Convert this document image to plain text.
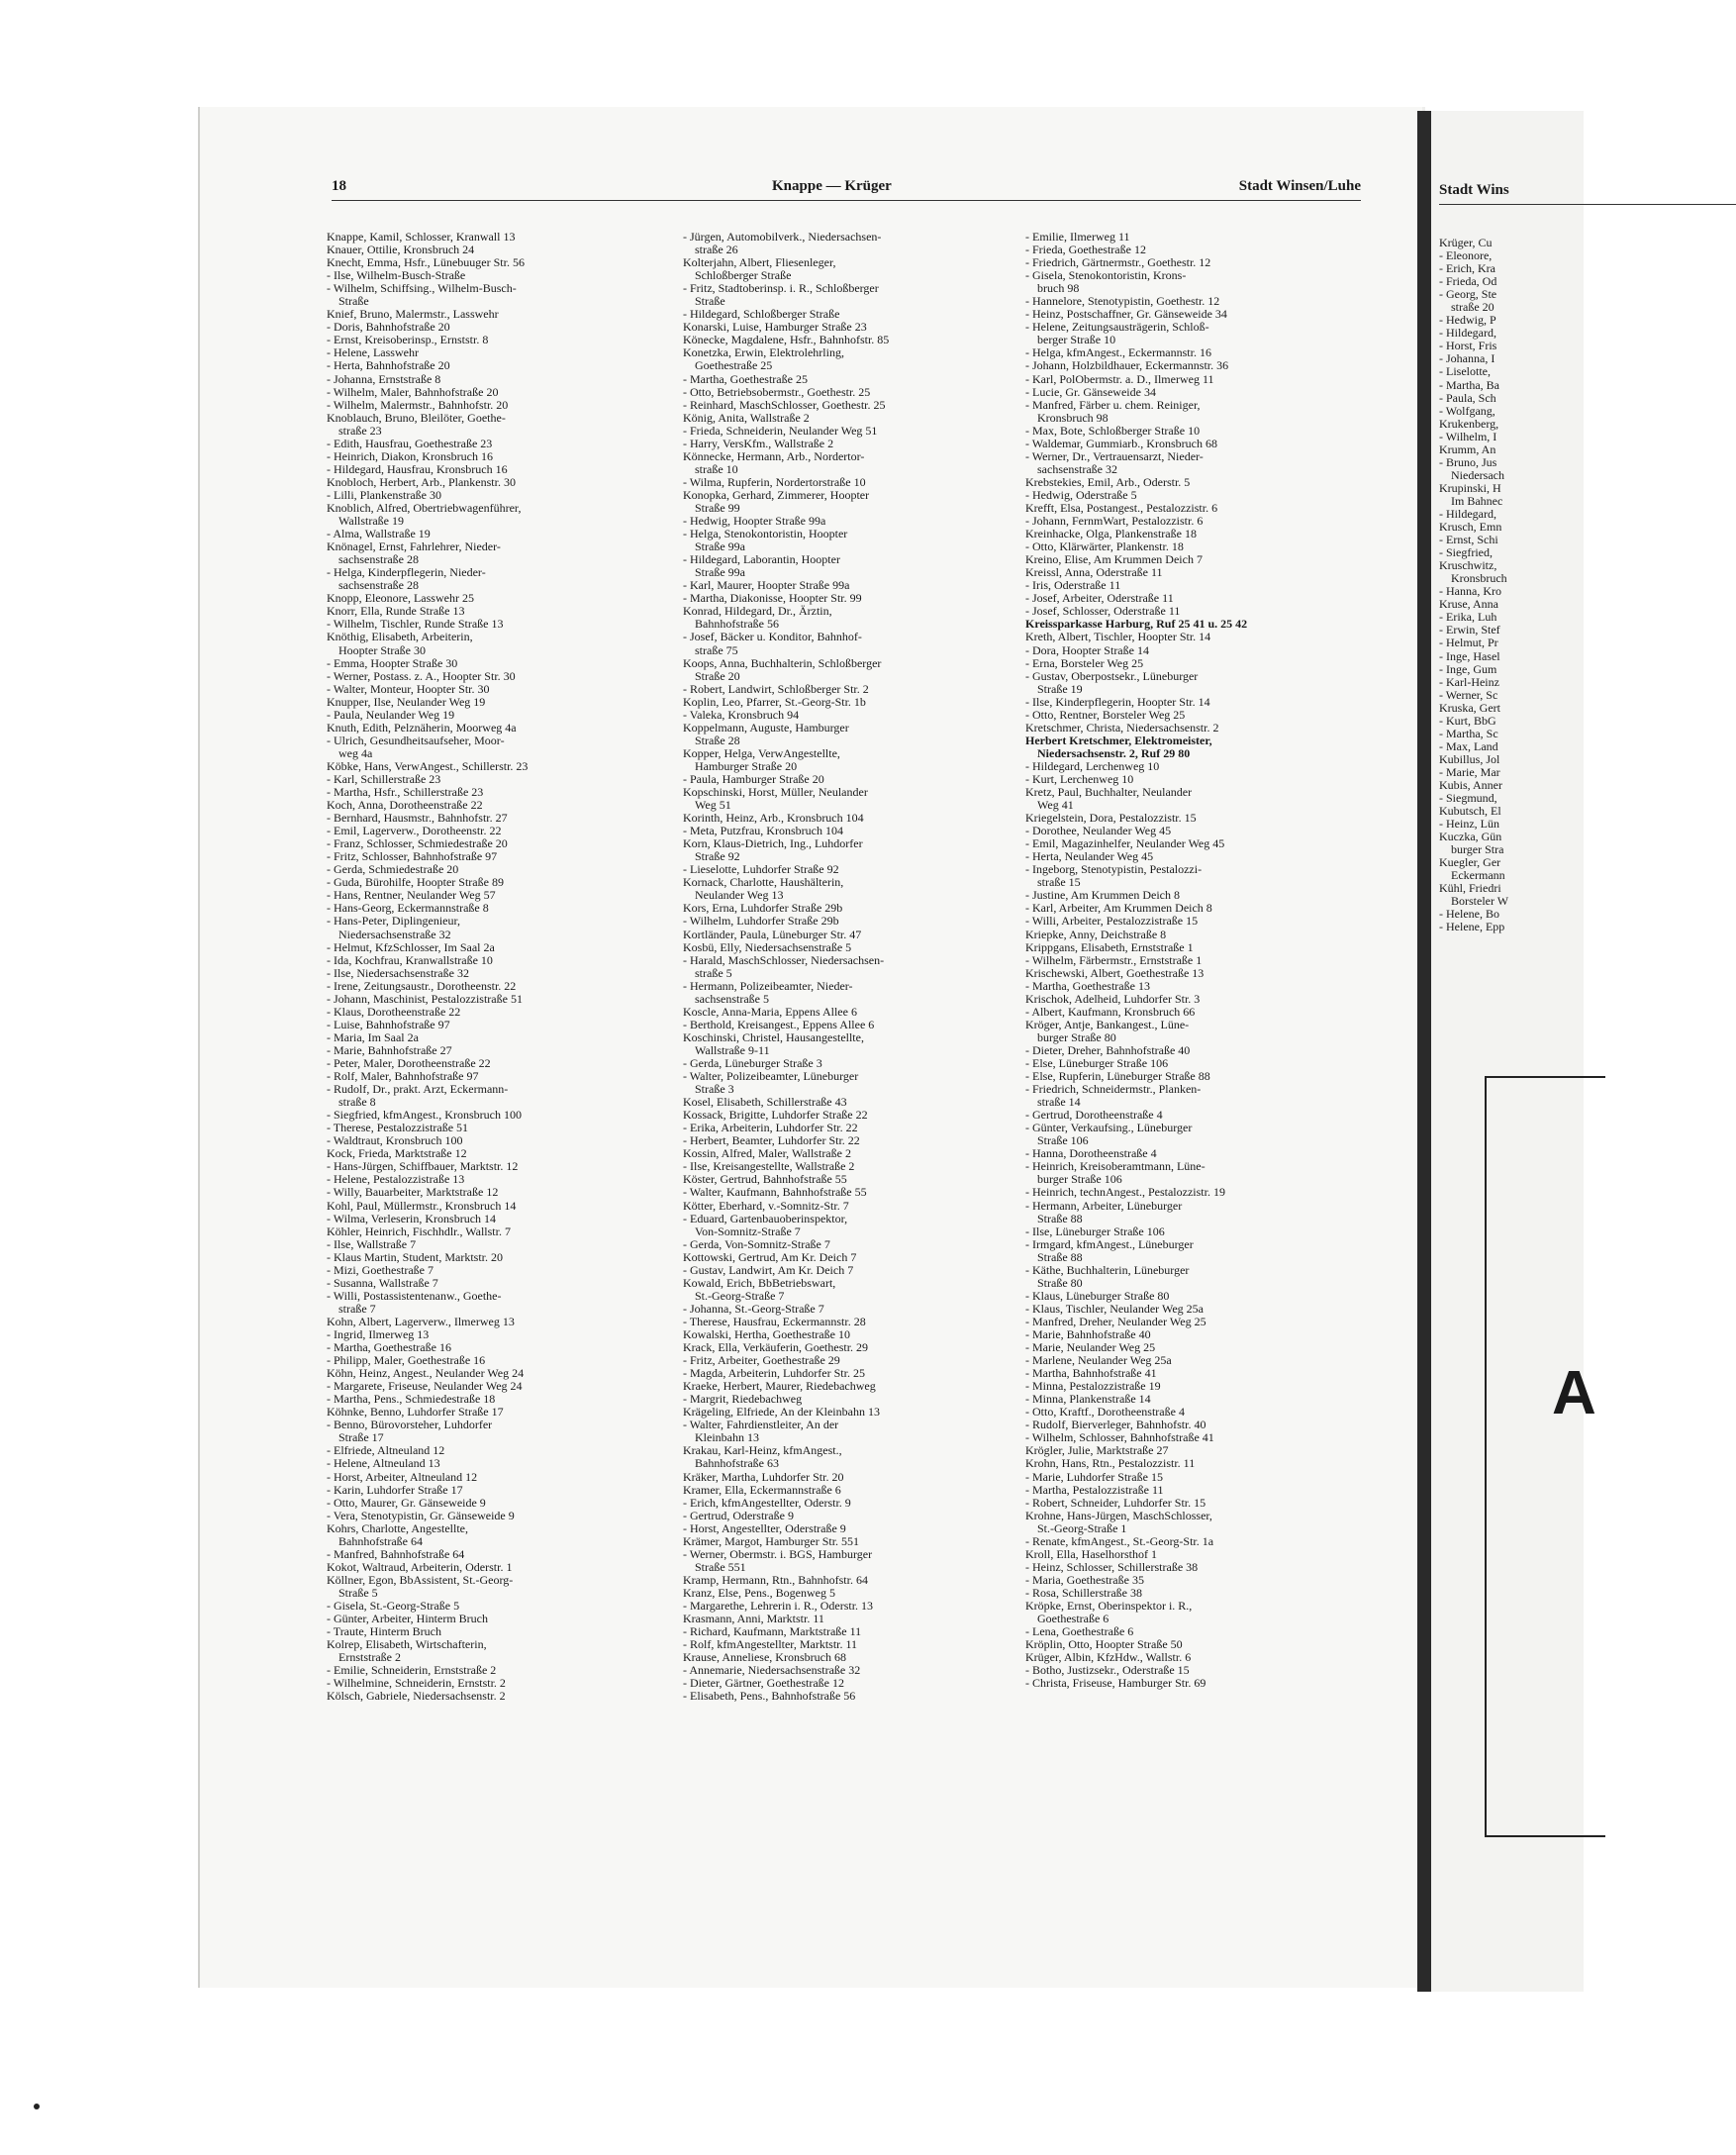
18	Knappe — Krüger	Stadt Winsen/Luhe
Knappe, Kamil, Schlosser, Kranwall 13
Knauer, Ottilie, Kronsbruch 24
Knecht, Emma, Hsfr., Lünebuuger Str. 56
- Ilse, Wilhelm-Busch-Straße
- Wilhelm, Schiffsing., Wilhelm-Busch-
Straße
Knief, Bruno, Malermstr., Lasswehr
- Doris, Bahnhofstraße 20
- Ernst, Kreisoberinsp., Ernststr. 8
- Helene, Lasswehr
- Herta, Bahnhofstraße 20
- Johanna, Ernststraße 8
- Wilhelm, Maler, Bahnhofstraße 20
- Wilhelm, Malermstr., Bahnhofstr. 20
Knoblauch, Bruno, Bleilöter, Goethe-
straße 23
- Edith, Hausfrau, Goethestraße 23
- Heinrich, Diakon, Kronsbruch 16
- Hildegard, Hausfrau, Kronsbruch 16
Knobloch, Herbert, Arb., Plankenstr. 30
- Lilli, Plankenstraße 30
Knoblich, Alfred, Obertriebwagenführer,
Wallstraße 19
- Alma, Wallstraße 19
Knönagel, Ernst, Fahrlehrer, Nieder-
sachsenstraße 28
- Helga, Kinderpflegerin, Nieder-
sachsenstraße 28
Knopp, Eleonore, Lasswehr 25
Knorr, Ella, Runde Straße 13
- Wilhelm, Tischler, Runde Straße 13
Knöthig, Elisabeth, Arbeiterin,
Hoopter Straße 30
- Emma, Hoopter Straße 30
- Werner, Postass. z. A., Hoopter Str. 30
- Walter, Monteur, Hoopter Str. 30
Knupper, Ilse, Neulander Weg 19
- Paula, Neulander Weg 19
Knuth, Edith, Pelznäherin, Moorweg 4a
- Ulrich, Gesundheitsaufseher, Moor-
weg 4a
Köbke, Hans, VerwAngest., Schillerstr. 23
- Karl, Schillerstraße 23
- Martha, Hsfr., Schillerstraße 23
Koch, Anna, Dorotheenstraße 22
- Bernhard, Hausmstr., Bahnhofstr. 27
- Emil, Lagerverw., Dorotheenstr. 22
- Franz, Schlosser, Schmiedestraße 20
- Fritz, Schlosser, Bahnhofstraße 97
- Gerda, Schmiedestraße 20
- Guda, Bürohilfe, Hoopter Straße 89
- Hans, Rentner, Neulander Weg 57
- Hans-Georg, Eckermannstraße 8
- Hans-Peter, Diplingenieur,
Niedersachsenstraße 32
- Helmut, KfzSchlosser, Im Saal 2a
- Ida, Kochfrau, Kranwallstraße 10
- Ilse, Niedersachsenstraße 32
- Irene, Zeitungsaustr., Dorotheenstr. 22
- Johann, Maschinist, Pestalozzistraße 51
- Klaus, Dorotheenstraße 22
- Luise, Bahnhofstraße 97
- Maria, Im Saal 2a
- Marie, Bahnhofstraße 27
- Peter, Maler, Dorotheenstraße 22
- Rolf, Maler, Bahnhofstraße 97
- Rudolf, Dr., prakt. Arzt, Eckermann-
straße 8
- Siegfried, kfmAngest., Kronsbruch 100
- Therese, Pestalozzistraße 51
- Waldtraut, Kronsbruch 100
Kock, Frieda, Marktstraße 12
- Hans-Jürgen, Schiffbauer, Marktstr. 12
- Helene, Pestalozzistraße 13
- Willy, Bauarbeiter, Marktstraße 12
Kohl, Paul, Müllermstr., Kronsbruch 14
- Wilma, Verleserin, Kronsbruch 14
Köhler, Heinrich, Fischhdlr., Wallstr. 7
- Ilse, Wallstraße 7
- Klaus Martin, Student, Marktstr. 20
- Mizi, Goethestraße 7
- Susanna, Wallstraße 7
- Willi, Postassistentenanw., Goethe-
straße 7
Kohn, Albert, Lagerverw., Ilmerweg 13
- Ingrid, Ilmerweg 13
- Martha, Goethestraße 16
- Philipp, Maler, Goethestraße 16
Köhn, Heinz, Angest., Neulander Weg 24
- Margarete, Friseuse, Neulander Weg 24
- Martha, Pens., Schmiedestraße 18
Köhnke, Benno, Luhdorfer Straße 17
- Benno, Bürovorsteher, Luhdorfer
Straße 17
- Elfriede, Altneuland 12
- Helene, Altneuland 13
- Horst, Arbeiter, Altneuland 12
- Karin, Luhdorfer Straße 17
- Otto, Maurer, Gr. Gänseweide 9
- Vera, Stenotypistin, Gr. Gänseweide 9
Kohrs, Charlotte, Angestellte,
Bahnhofstraße 64
- Manfred, Bahnhofstraße 64
Kokot, Waltraud, Arbeiterin, Oderstr. 1
Köllner, Egon, BbAssistent, St.-Georg-
Straße 5
- Gisela, St.-Georg-Straße 5
- Günter, Arbeiter, Hinterm Bruch
- Traute, Hinterm Bruch
Kolrep, Elisabeth, Wirtschafterin,
Ernststraße 2
- Emilie, Schneiderin, Ernststraße 2
- Wilhelmine, Schneiderin, Ernststr. 2
Kölsch, Gabriele, Niedersachsenstr. 2
- Jürgen, Automobilverk., Niedersachsen-
straße 26
Kolterjahn, Albert, Fliesenleger,
Schloßberger Straße
- Fritz, Stadtoberinsp. i. R., Schloßberger
Straße
- Hildegard, Schloßberger Straße
Konarski, Luise, Hamburger Straße 23
Könecke, Magdalene, Hsfr., Bahnhofstr. 85
Konetzka, Erwin, Elektrolehrling,
Goethestraße 25
- Martha, Goethestraße 25
- Otto, Betriebsobermstr., Goethestr. 25
- Reinhard, MaschSchlosser, Goethestr. 25
König, Anita, Wallstraße 2
- Frieda, Schneiderin, Neulander Weg 51
- Harry, VersKfm., Wallstraße 2
Könnecke, Hermann, Arb., Nordertor-
straße 10
- Wilma, Rupferin, Nordertorstraße 10
Konopka, Gerhard, Zimmerer, Hoopter
Straße 99
- Hedwig, Hoopter Straße 99a
- Helga, Stenokontoristin, Hoopter
Straße 99a
- Hildegard, Laborantin, Hoopter
Straße 99a
- Karl, Maurer, Hoopter Straße 99a
- Martha, Diakonisse, Hoopter Str. 99
Konrad, Hildegard, Dr., Ärztin,
Bahnhofstraße 56
- Josef, Bäcker u. Konditor, Bahnhof-
straße 75
Koops, Anna, Buchhalterin, Schloßberger
Straße 20
- Robert, Landwirt, Schloßberger Str. 2
Koplin, Leo, Pfarrer, St.-Georg-Str. 1b
- Valeka, Kronsbruch 94
Koppelmann, Auguste, Hamburger
Straße 28
Kopper, Helga, VerwAngestellte,
Hamburger Straße 20
- Paula, Hamburger Straße 20
Kopschinski, Horst, Müller, Neulander
Weg 51
Korinth, Heinz, Arb., Kronsbruch 104
- Meta, Putzfrau, Kronsbruch 104
Korn, Klaus-Dietrich, Ing., Luhdorfer
Straße 92
- Lieselotte, Luhdorfer Straße 92
Kornack, Charlotte, Haushälterin,
Neulander Weg 13
Kors, Erna, Luhdorfer Straße 29b
- Wilhelm, Luhdorfer Straße 29b
Kortländer, Paula, Lüneburger Str. 47
Kosbü, Elly, Niedersachsenstraße 5
- Harald, MaschSchlosser, Niedersachsen-
straße 5
- Hermann, Polizeibeamter, Nieder-
sachsenstraße 5
Koscle, Anna-Maria, Eppens Allee 6
- Berthold, Kreisangest., Eppens Allee 6
Koschinski, Christel, Hausangestellte,
Wallstraße 9-11
- Gerda, Lüneburger Straße 3
- Walter, Polizeibeamter, Lüneburger
Straße 3
Kosel, Elisabeth, Schillerstraße 43
Kossack, Brigitte, Luhdorfer Straße 22
- Erika, Arbeiterin, Luhdorfer Str. 22
- Herbert, Beamter, Luhdorfer Str. 22
Kossin, Alfred, Maler, Wallstraße 2
- Ilse, Kreisangestellte, Wallstraße 2
Köster, Gertrud, Bahnhofstraße 55
- Walter, Kaufmann, Bahnhofstraße 55
Kötter, Eberhard, v.-Somnitz-Str. 7
- Eduard, Gartenbauoberinspektor,
Von-Somnitz-Straße 7
- Gerda, Von-Somnitz-Straße 7
Kottowski, Gertrud, Am Kr. Deich 7
- Gustav, Landwirt, Am Kr. Deich 7
Kowald, Erich, BbBetriebswart,
St.-Georg-Straße 7
- Johanna, St.-Georg-Straße 7
- Therese, Hausfrau, Eckermannstr. 28
Kowalski, Hertha, Goethestraße 10
Krack, Ella, Verkäuferin, Goethestr. 29
- Fritz, Arbeiter, Goethestraße 29
- Magda, Arbeiterin, Luhdorfer Str. 25
Kraeke, Herbert, Maurer, Riedebachweg
- Margrit, Riedebachweg
Krägeling, Elfriede, An der Kleinbahn 13
- Walter, Fahrdienstleiter, An der
Kleinbahn 13
Krakau, Karl-Heinz, kfmAngest.,
Bahnhofstraße 63
Kräker, Martha, Luhdorfer Str. 20
Kramer, Ella, Eckermannstraße 6
- Erich, kfmAngestellter, Oderstr. 9
- Gertrud, Oderstraße 9
- Horst, Angestellter, Oderstraße 9
Krämer, Margot, Hamburger Str. 551
- Werner, Obermstr. i. BGS, Hamburger
Straße 551
Kramp, Hermann, Rtn., Bahnhofstr. 64
Kranz, Else, Pens., Bogenweg 5
- Margarethe, Lehrerin i. R., Oderstr. 13
Krasmann, Anni, Marktstr. 11
- Richard, Kaufmann, Marktstraße 11
- Rolf, kfmAngestellter, Marktstr. 11
Krause, Anneliese, Kronsbruch 68
- Annemarie, Niedersachsenstraße 32
- Dieter, Gärtner, Goethestraße 12
- Elisabeth, Pens., Bahnhofstraße 56
- Emilie, Ilmerweg 11
- Frieda, Goethestraße 12
- Friedrich, Gärtnermstr., Goethestr. 12
- Gisela, Stenokontoristin, Krons-
bruch 98
- Hannelore, Stenotypistin, Goethestr. 12
- Heinz, Postschaffner, Gr. Gänseweide 34
- Helene, Zeitungsausträgerin, Schloß-
berger Straße 10
- Helga, kfmAngest., Eckermannstr. 16
- Johann, Holzbildhauer, Eckermannstr. 36
- Karl, PolObermstr. a. D., Ilmerweg 11
- Lucie, Gr. Gänseweide 34
- Manfred, Färber u. chem. Reiniger,
Kronsbruch 98
- Max, Bote, Schloßberger Straße 10
- Waldemar, Gummiarb., Kronsbruch 68
- Werner, Dr., Vertrauensarzt, Nieder-
sachsenstraße 32
Krebstekies, Emil, Arb., Oderstr. 5
- Hedwig, Oderstraße 5
Krefft, Elsa, Postangest., Pestalozzistr. 6
- Johann, FernmWart, Pestalozzistr. 6
Kreinhacke, Olga, Plankenstraße 18
- Otto, Klärwärter, Plankenstr. 18
Kreino, Elise, Am Krummen Deich 7
Kreissl, Anna, Oderstraße 11
- Iris, Oderstraße 11
- Josef, Arbeiter, Oderstraße 11
- Josef, Schlosser, Oderstraße 11
Kreissparkasse Harburg, Ruf 25 41 u. 25 42
Kreth, Albert, Tischler, Hoopter Str. 14
- Dora, Hoopter Straße 14
- Erna, Borsteler Weg 25
- Gustav, Oberpostsekr., Lüneburger
Straße 19
- Ilse, Kinderpflegerin, Hoopter Str. 14
- Otto, Rentner, Borsteler Weg 25
Kretschmer, Christa, Niedersachsenstr. 2
Herbert Kretschmer, Elektromeister,
Niedersachsenstr. 2, Ruf 29 80
- Hildegard, Lerchenweg 10
- Kurt, Lerchenweg 10
Kretz, Paul, Buchhalter, Neulander
Weg 41
Kriegelstein, Dora, Pestalozzistr. 15
- Dorothee, Neulander Weg 45
- Emil, Magazinhelfer, Neulander Weg 45
- Herta, Neulander Weg 45
- Ingeborg, Stenotypistin, Pestalozzi-
straße 15
- Justine, Am Krummen Deich 8
- Karl, Arbeiter, Am Krummen Deich 8
- Willi, Arbeiter, Pestalozzistraße 15
Kriepke, Anny, Deichstraße 8
Krippgans, Elisabeth, Ernststraße 1
- Wilhelm, Färbermstr., Ernststraße 1
Krischewski, Albert, Goethestraße 13
- Martha, Goethestraße 13
Krischok, Adelheid, Luhdorfer Str. 3
- Albert, Kaufmann, Kronsbruch 66
Kröger, Antje, Bankangest., Lüne-
burger Straße 80
- Dieter, Dreher, Bahnhofstraße 40
- Else, Lüneburger Straße 106
- Else, Rupferin, Lüneburger Straße 88
- Friedrich, Schneidermstr., Planken-
straße 14
- Gertrud, Dorotheenstraße 4
- Günter, Verkaufsing., Lüneburger
Straße 106
- Hanna, Dorotheenstraße 4
- Heinrich, Kreisoberamtmann, Lüne-
burger Straße 106
- Heinrich, technAngest., Pestalozzistr. 19
- Hermann, Arbeiter, Lüneburger
Straße 88
- Ilse, Lüneburger Straße 106
- Irmgard, kfmAngest., Lüneburger
Straße 88
- Käthe, Buchhalterin, Lüneburger
Straße 80
- Klaus, Lüneburger Straße 80
- Klaus, Tischler, Neulander Weg 25a
- Manfred, Dreher, Neulander Weg 25
- Marie, Bahnhofstraße 40
- Marie, Neulander Weg 25
- Marlene, Neulander Weg 25a
- Martha, Bahnhofstraße 41
- Minna, Pestalozzistraße 19
- Minna, Plankenstraße 14
- Otto, Kraftf., Dorotheenstraße 4
- Rudolf, Bierverleger, Bahnhofstr. 40
- Wilhelm, Schlosser, Bahnhofstraße 41
Krögler, Julie, Marktstraße 27
Krohn, Hans, Rtn., Pestalozzistr. 11
- Marie, Luhdorfer Straße 15
- Martha, Pestalozzistraße 11
- Robert, Schneider, Luhdorfer Str. 15
Krohne, Hans-Jürgen, MaschSchlosser,
St.-Georg-Straße 1
- Renate, kfmAngest., St.-Georg-Str. 1a
Kroll, Ella, Haselhorsthof 1
- Heinz, Schlosser, Schillerstraße 38
- Maria, Goethestraße 35
- Rosa, Schillerstraße 38
Kröpke, Ernst, Oberinspektor i. R.,
Goethestraße 6
- Lena, Goethestraße 6
Kröplin, Otto, Hoopter Straße 50
Krüger, Albin, KfzHdw., Wallstr. 6
- Botho, Justizsekr., Oderstraße 15
- Christa, Friseuse, Hamburger Str. 69
Stadt Wins
Krüger, Cu
- Eleonore,
- Erich, Kra
- Frieda, Od
- Georg, Ste
straße 20
- Hedwig, P
- Hildegard,
- Horst, Fris
- Johanna, I
- Liselotte,
- Martha, Ba
- Paula, Sch
- Wolfgang,
Krukenberg,
- Wilhelm, I
Krumm, An
- Bruno, Jus
Niedersach
Krupinski, H
Im Bahnec
- Hildegard,
Krusch, Emn
- Ernst, Schi
- Siegfried,
Kruschwitz,
Kronsbruch
- Hanna, Kro
Kruse, Anna
- Erika, Luh
- Erwin, Stef
- Helmut, Pr
- Inge, Hasel
- Inge, Gum
- Karl-Heinz
- Werner, Sc
Kruska, Gert
- Kurt, BbG
- Martha, Sc
- Max, Land
Kubillus, Jol
- Marie, Mar
Kubis, Anner
- Siegmund,
Kubutsch, El
- Heinz, Lün
Kuczka, Gün
burger Stra
Kuegler, Ger
Eckermann
Kühl, Friedri
Borsteler W
- Helene, Bo
- Helene, Epp
A
